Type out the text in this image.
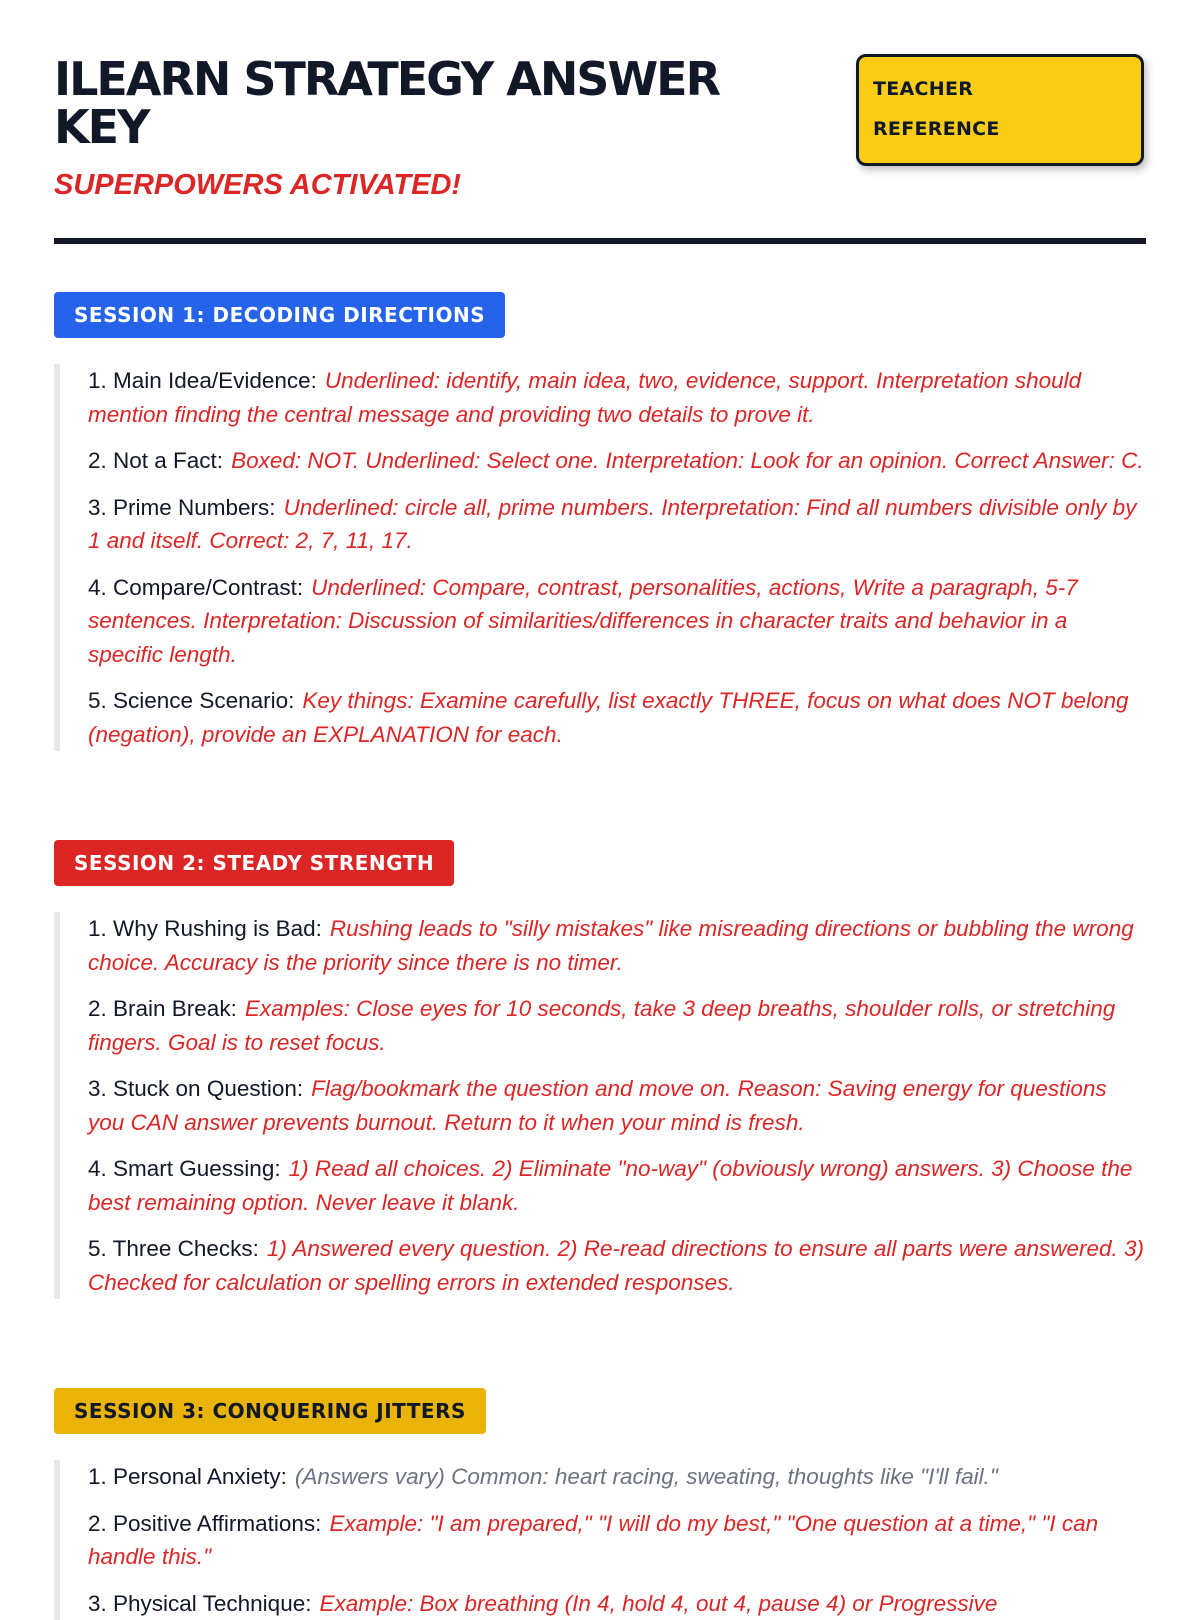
ILEARN STRATEGY ANSWER KEY
SUPERPOWERS ACTIVATED!
TEACHER
REFERENCE
SESSION 1: DECODING DIRECTIONS
1. Main Idea/Evidence: Underlined: identify, main idea, two, evidence, support. Interpretation should mention finding the central message and providing two details to prove it.
2. Not a Fact: Boxed: NOT. Underlined: Select one. Interpretation: Look for an opinion. Correct Answer: C.
3. Prime Numbers: Underlined: circle all, prime numbers. Interpretation: Find all numbers divisible only by 1 and itself. Correct: 2, 7, 11, 17.
4. Compare/Contrast: Underlined: Compare, contrast, personalities, actions, Write a paragraph, 5-7 sentences. Interpretation: Discussion of similarities/differences in character traits and behavior in a specific length.
5. Science Scenario: Key things: Examine carefully, list exactly THREE, focus on what does NOT belong (negation), provide an EXPLANATION for each.
SESSION 2: STEADY STRENGTH
1. Why Rushing is Bad: Rushing leads to "silly mistakes" like misreading directions or bubbling the wrong choice. Accuracy is the priority since there is no timer.
2. Brain Break: Examples: Close eyes for 10 seconds, take 3 deep breaths, shoulder rolls, or stretching fingers. Goal is to reset focus.
3. Stuck on Question: Flag/bookmark the question and move on. Reason: Saving energy for questions you CAN answer prevents burnout. Return to it when your mind is fresh.
4. Smart Guessing: 1) Read all choices. 2) Eliminate "no-way" (obviously wrong) answers. 3) Choose the best remaining option. Never leave it blank.
5. Three Checks: 1) Answered every question. 2) Re-read directions to ensure all parts were answered. 3) Checked for calculation or spelling errors in extended responses.
SESSION 3: CONQUERING JITTERS
1. Personal Anxiety: (Answers vary) Common: heart racing, sweating, thoughts like "I'll fail."
2. Positive Affirmations: Example: "I am prepared," "I will do my best," "One question at a time," "I can handle this."
3. Physical Technique: Example: Box breathing (In 4, hold 4, out 4, pause 4) or Progressive
